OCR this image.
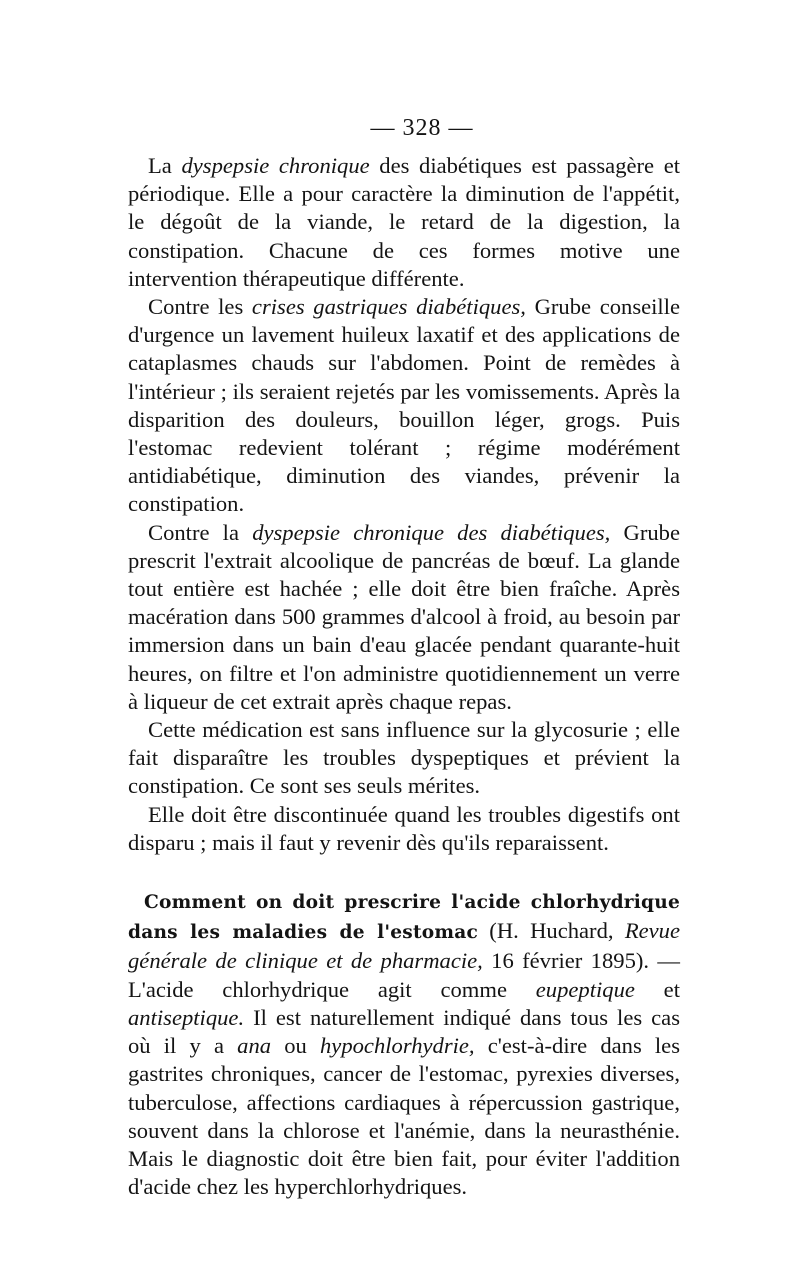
— 328 —

La dyspepsie chronique des diabétiques est passagère et périodique. Elle a pour caractère la diminution de l'appétit, le dégoût de la viande, le retard de la digestion, la constipation. Chacune de ces formes motive une intervention thérapeutique différente.

Contre les crises gastriques diabétiques, Grube conseille d'urgence un lavement huileux laxatif et des applications de cataplasmes chauds sur l'abdomen. Point de remèdes à l'intérieur ; ils seraient rejetés par les vomissements. Après la disparition des douleurs, bouillon léger, grogs. Puis l'estomac redevient tolérant ; régime modérément antidiabétique, diminution des viandes, prévenir la constipation.

Contre la dyspepsie chronique des diabétiques, Grube prescrit l'extrait alcoolique de pancréas de bœuf. La glande tout entière est hachée ; elle doit être bien fraîche. Après macération dans 500 grammes d'alcool à froid, au besoin par immersion dans un bain d'eau glacée pendant quarante-huit heures, on filtre et l'on administre quotidiennement un verre à liqueur de cet extrait après chaque repas.

Cette médication est sans influence sur la glycosurie ; elle fait disparaître les troubles dyspeptiques et prévient la constipation. Ce sont ses seuls mérites.

Elle doit être discontinuée quand les troubles digestifs ont disparu ; mais il faut y revenir dès qu'ils reparaissent.

Comment on doit prescrire l'acide chlorhydrique dans les maladies de l'estomac (H. Huchard, Revue générale de clinique et de pharmacie, 16 février 1895). — L'acide chlorhydrique agit comme eupeptique et antiseptique. Il est naturellement indiqué dans tous les cas où il y a ana ou hypochlorhydrie, c'est-à-dire dans les gastrites chroniques, cancer de l'estomac, pyrexies diverses, tuberculose, affections cardiaques à répercussion gastrique, souvent dans la chlorose et l'anémie, dans la neurasthénie. Mais le diagnostic doit être bien fait, pour éviter l'addition d'acide chez les hyperchlorhydriques.
